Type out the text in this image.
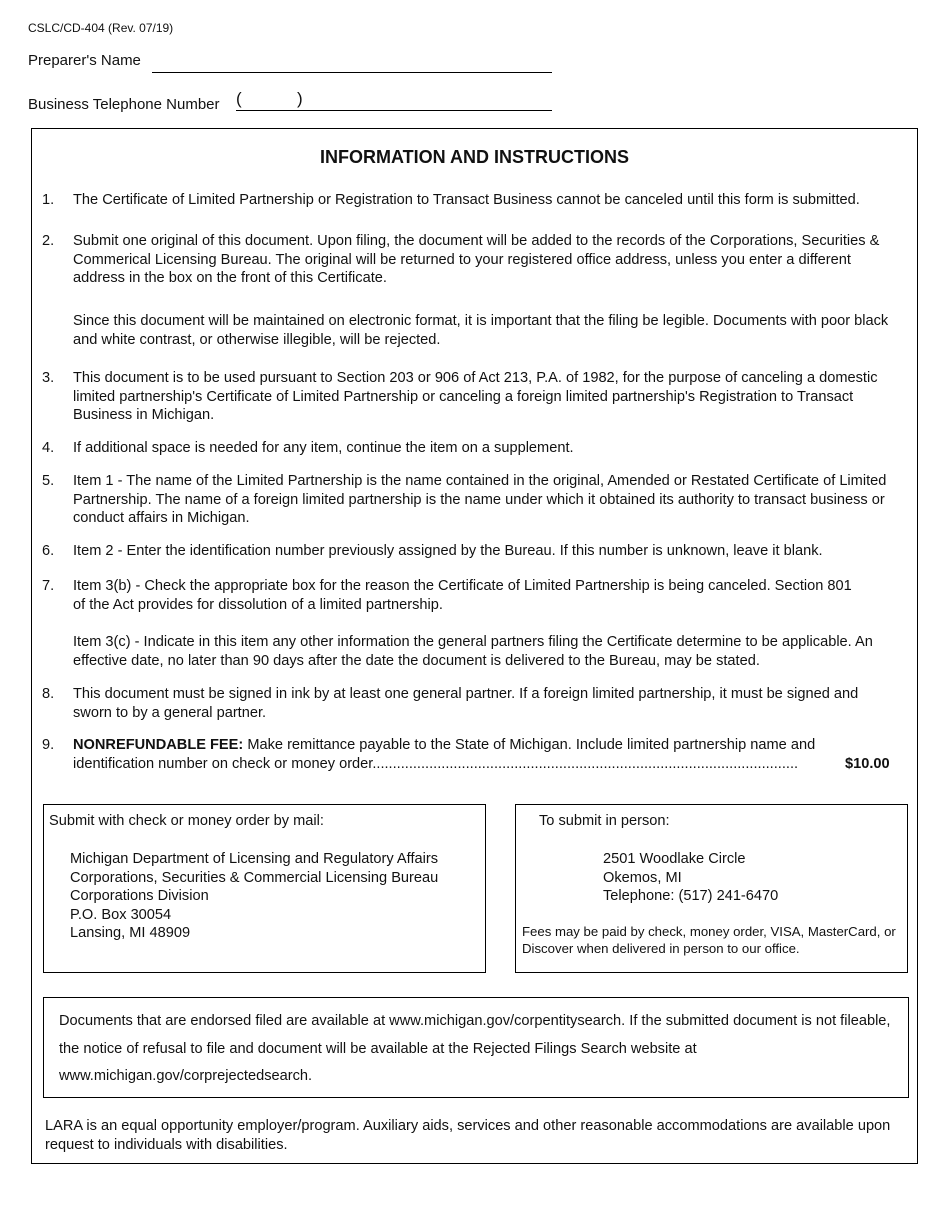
CSLC/CD-404 (Rev. 07/19)
Preparer's Name
Business Telephone Number (	)
INFORMATION AND INSTRUCTIONS
1.	The Certificate of Limited Partnership or Registration to Transact Business cannot be canceled until this form is submitted.
2.	Submit one original of this document. Upon filing, the document will be added to the records of the Corporations, Securities & Commerical Licensing Bureau. The original will be returned to your registered office address, unless you enter a different address in the box on the front of this Certificate.
Since this document will be maintained on electronic format, it is important that the filing be legible. Documents with poor black and white contrast, or otherwise illegible, will be rejected.
3.	This document is to be used pursuant to Section 203 or 906 of Act 213, P.A. of 1982, for the purpose of canceling a domestic limited partnership's Certificate of Limited Partnership or canceling a foreign limited partnership's Registration to Transact Business in Michigan.
4.	If additional space is needed for any item, continue the item on a supplement.
5.	Item 1 - The name of the Limited Partnership is the name contained in the original, Amended or Restated Certificate of Limited Partnership. The name of a foreign limited partnership is the name under which it obtained its authority to transact business or conduct affairs in Michigan.
6.	Item 2 - Enter the identification number previously assigned by the Bureau. If this number is unknown, leave it blank.
7.	Item 3(b) - Check the appropriate box for the reason the Certificate of Limited Partnership is being canceled. Section 801 of the Act provides for dissolution of a limited partnership.
Item 3(c) - Indicate in this item any other information the general partners filing the Certificate determine to be applicable. An effective date, no later than 90 days after the date the document is delivered to the Bureau, may be stated.
8.	This document must be signed in ink by at least one general partner. If a foreign limited partnership, it must be signed and sworn to by a general partner.
9.	NONREFUNDABLE FEE: Make remittance payable to the State of Michigan. Include limited partnership name and
identification number on check or money order.........................................................................................................	$10.00
Submit with check or money order by mail:
Michigan Department of Licensing and Regulatory Affairs
Corporations, Securities & Commercial Licensing Bureau
Corporations Division
P.O. Box 30054
Lansing, MI 48909
To submit in person:
2501 Woodlake Circle
Okemos, MI
Telephone: (517) 241-6470
Fees may be paid by check, money order, VISA, MasterCard, or Discover when delivered in person to our office.
Documents that are endorsed filed are available at www.michigan.gov/corpentitysearch. If the submitted document is not fileable, the notice of refusal to file and document will be available at the Rejected Filings Search website at www.michigan.gov/corprejectedsearch.
LARA is an equal opportunity employer/program. Auxiliary aids, services and other reasonable accommodations are available upon request to individuals with disabilities.
